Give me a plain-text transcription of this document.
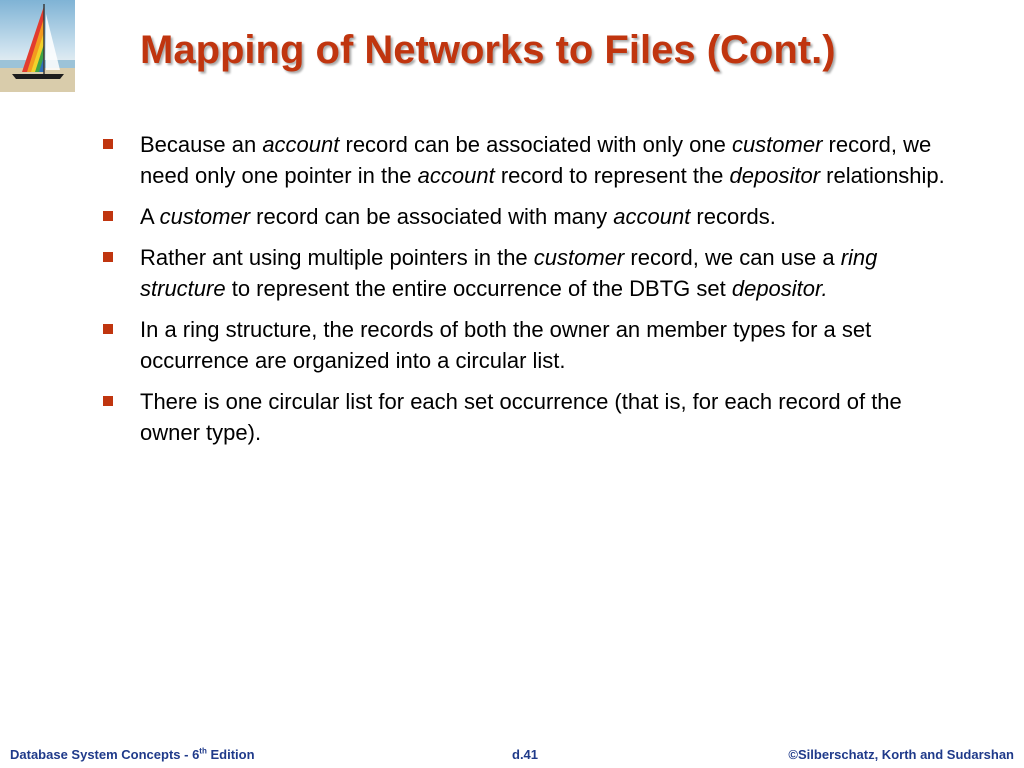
Mapping of Networks to Files (Cont.)
Because an account record can be associated with only one customer record, we need only one pointer in the account record to represent the depositor relationship.
A customer record can be associated with many account records.
Rather ant using multiple pointers in the customer record, we can use a ring structure to represent the entire occurrence of the DBTG set depositor.
In a ring structure, the records of both the owner an member types for a set occurrence are organized into a circular list.
There is one circular list for each set occurrence (that is, for each record of the owner type).
Database System Concepts - 6th Edition	d.41	©Silberschatz, Korth and Sudarshan
